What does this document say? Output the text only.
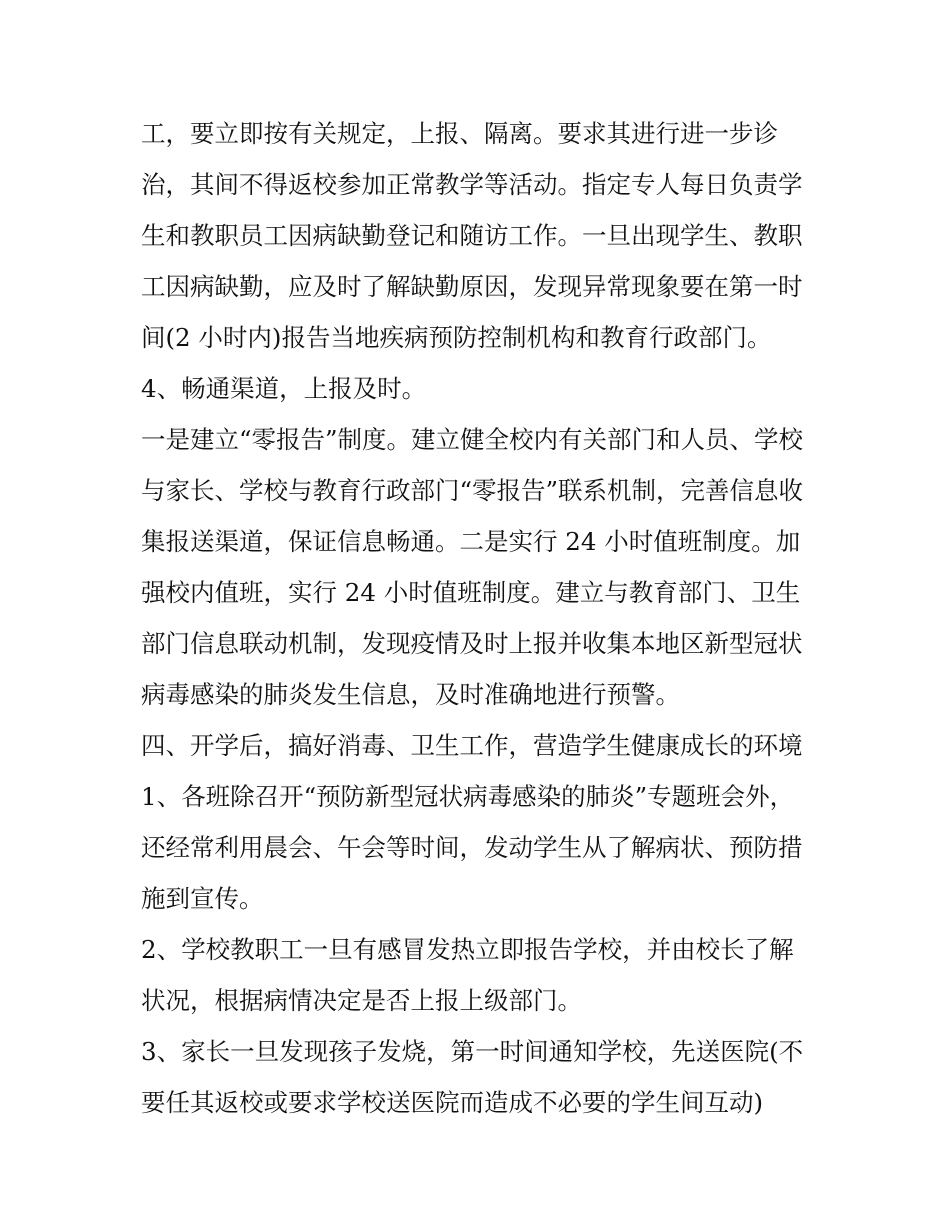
工，要立即按有关规定，上报、隔离。要求其进行进一步诊
治，其间不得返校参加正常教学等活动。指定专人每日负责学
生和教职员工因病缺勤登记和随访工作。一旦出现学生、教职
工因病缺勤，应及时了解缺勤原因，发现异常现象要在第一时
间(2 小时内)报告当地疾病预防控制机构和教育行政部门。
4、畅通渠道，上报及时。
一是建立“零报告”制度。建立健全校内有关部门和人员、学校
与家长、学校与教育行政部门“零报告”联系机制，完善信息收
集报送渠道，保证信息畅通。二是实行 24 小时值班制度。加
强校内值班，实行 24 小时值班制度。建立与教育部门、卫生
部门信息联动机制，发现疫情及时上报并收集本地区新型冠状
病毒感染的肺炎发生信息，及时准确地进行预警。
四、开学后，搞好消毒、卫生工作，营造学生健康成长的环境
1、各班除召开“预防新型冠状病毒感染的肺炎”专题班会外，
还经常利用晨会、午会等时间，发动学生从了解病状、预防措
施到宣传。
2、学校教职工一旦有感冒发热立即报告学校，并由校长了解
状况，根据病情决定是否上报上级部门。
3、家长一旦发现孩子发烧，第一时间通知学校，先送医院(不
要任其返校或要求学校送医院而造成不必要的学生间互动)
